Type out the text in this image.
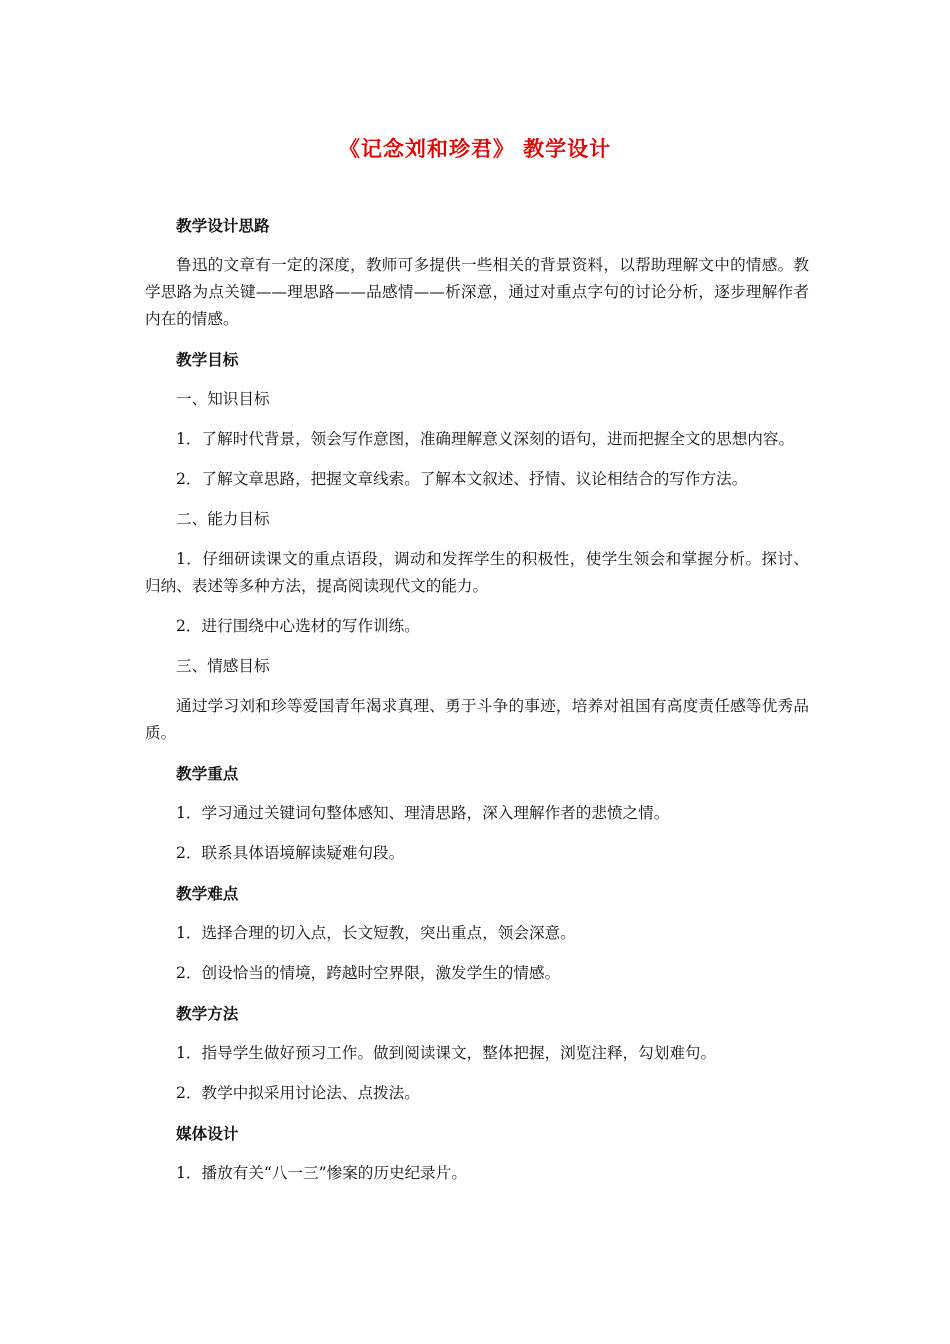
《记念刘和珍君》 教学设计
教学设计思路
鲁迅的文章有一定的深度，教师可多提供一些相关的背景资料，以帮助理解文中的情感。教学思路为点关键——理思路——品感情——析深意，通过对重点字句的讨论分析，逐步理解作者内在的情感。
教学目标
一、知识目标
1．了解时代背景，领会写作意图，准确理解意义深刻的语句，进而把握全文的思想内容。
2．了解文章思路，把握文章线索。了解本文叙述、抒情、议论相结合的写作方法。
二、能力目标
1．仔细研读课文的重点语段，调动和发挥学生的积极性，使学生领会和掌握分析。探讨、归纳、表述等多种方法，提高阅读现代文的能力。
2．进行围绕中心选材的写作训练。
三、情感目标
通过学习刘和珍等爱国青年渴求真理、勇于斗争的事迹，培养对祖国有高度责任感等优秀品质。
教学重点
1．学习通过关键词句整体感知、理清思路，深入理解作者的悲愤之情。
2．联系具体语境解读疑难句段。
教学难点
1．选择合理的切入点，长文短教，突出重点，领会深意。
2．创设恰当的情境，跨越时空界限，激发学生的情感。
教学方法
1．指导学生做好预习工作。做到阅读课文，整体把握，浏览注释，勾划难句。
2．教学中拟采用讨论法、点拨法。
媒体设计
1．播放有关“八一三”惨案的历史纪录片。
